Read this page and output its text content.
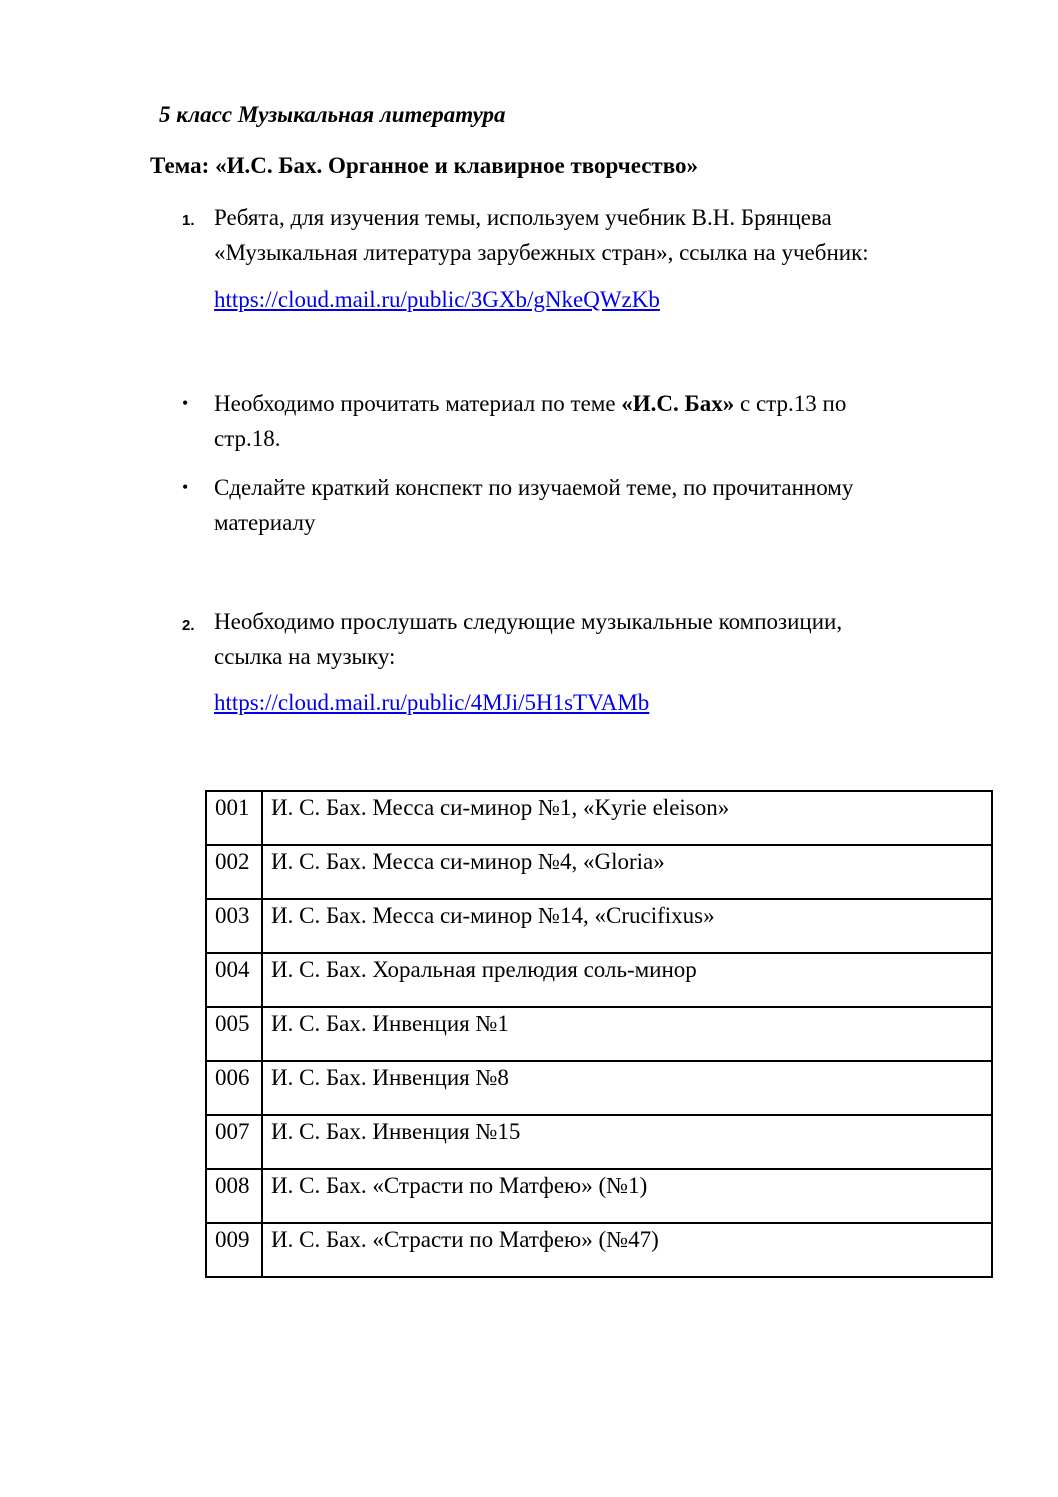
5 класс Музыкальная литература
Тема: «И.С. Бах. Органное и клавирное творчество»
1. Ребята, для изучения темы, используем учебник В.Н. Брянцева
«Музыкальная литература зарубежных стран», ссылка на учебник:
https://cloud.mail.ru/public/3GXb/gNkeQWzKb
• Необходимо прочитать материал по теме «И.С. Бах» с стр.13 по
стр.18.
• Сделайте краткий конспект по изучаемой теме, по прочитанному
материалу
2. Необходимо прослушать следующие музыкальные композиции,
ссылка на музыку:
https://cloud.mail.ru/public/4MJi/5H1sTVAMb
001	И. С. Бах. Месса си-минор №1, «Kyrie eleison»
002	И. С. Бах. Месса си-минор №4, «Gloria»
003	И. С. Бах. Месса си-минор №14, «Crucifixus»
004	И. С. Бах. Хоральная прелюдия соль-минор
005	И. С. Бах. Инвенция №1
006	И. С. Бах. Инвенция №8
007	И. С. Бах. Инвенция №15
008	И. С. Бах. «Страсти по Матфею» (№1)
009	И. С. Бах. «Страсти по Матфею» (№47)
